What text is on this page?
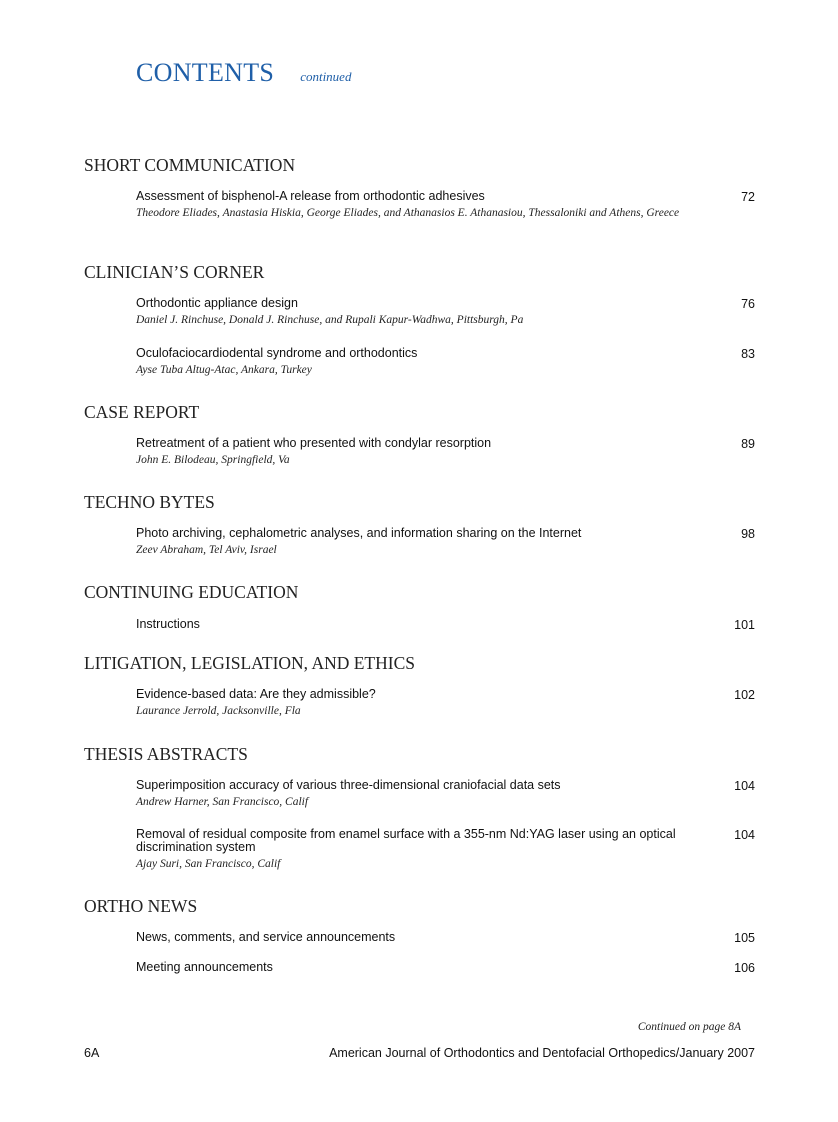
CONTENTS continued
SHORT COMMUNICATION
Assessment of bisphenol-A release from orthodontic adhesives	72
Theodore Eliades, Anastasia Hiskia, George Eliades, and Athanasios E. Athanasiou, Thessaloniki and Athens, Greece
CLINICIAN’S CORNER
Orthodontic appliance design	76
Daniel J. Rinchuse, Donald J. Rinchuse, and Rupali Kapur-Wadhwa, Pittsburgh, Pa
Oculofaciocardiodental syndrome and orthodontics	83
Ayse Tuba Altug-Atac, Ankara, Turkey
CASE REPORT
Retreatment of a patient who presented with condylar resorption	89
John E. Bilodeau, Springfield, Va
TECHNO BYTES
Photo archiving, cephalometric analyses, and information sharing on the Internet	98
Zeev Abraham, Tel Aviv, Israel
CONTINUING EDUCATION
Instructions	101
LITIGATION, LEGISLATION, AND ETHICS
Evidence-based data: Are they admissible?	102
Laurance Jerrold, Jacksonville, Fla
THESIS ABSTRACTS
Superimposition accuracy of various three-dimensional craniofacial data sets	104
Andrew Harner, San Francisco, Calif
Removal of residual composite from enamel surface with a 355-nm Nd:YAG laser using an optical discrimination system
104
Ajay Suri, San Francisco, Calif
ORTHO NEWS
News, comments, and service announcements	105
Meeting announcements	106
Continued on page 8A
6A	American Journal of Orthodontics and Dentofacial Orthopedics/January 2007
